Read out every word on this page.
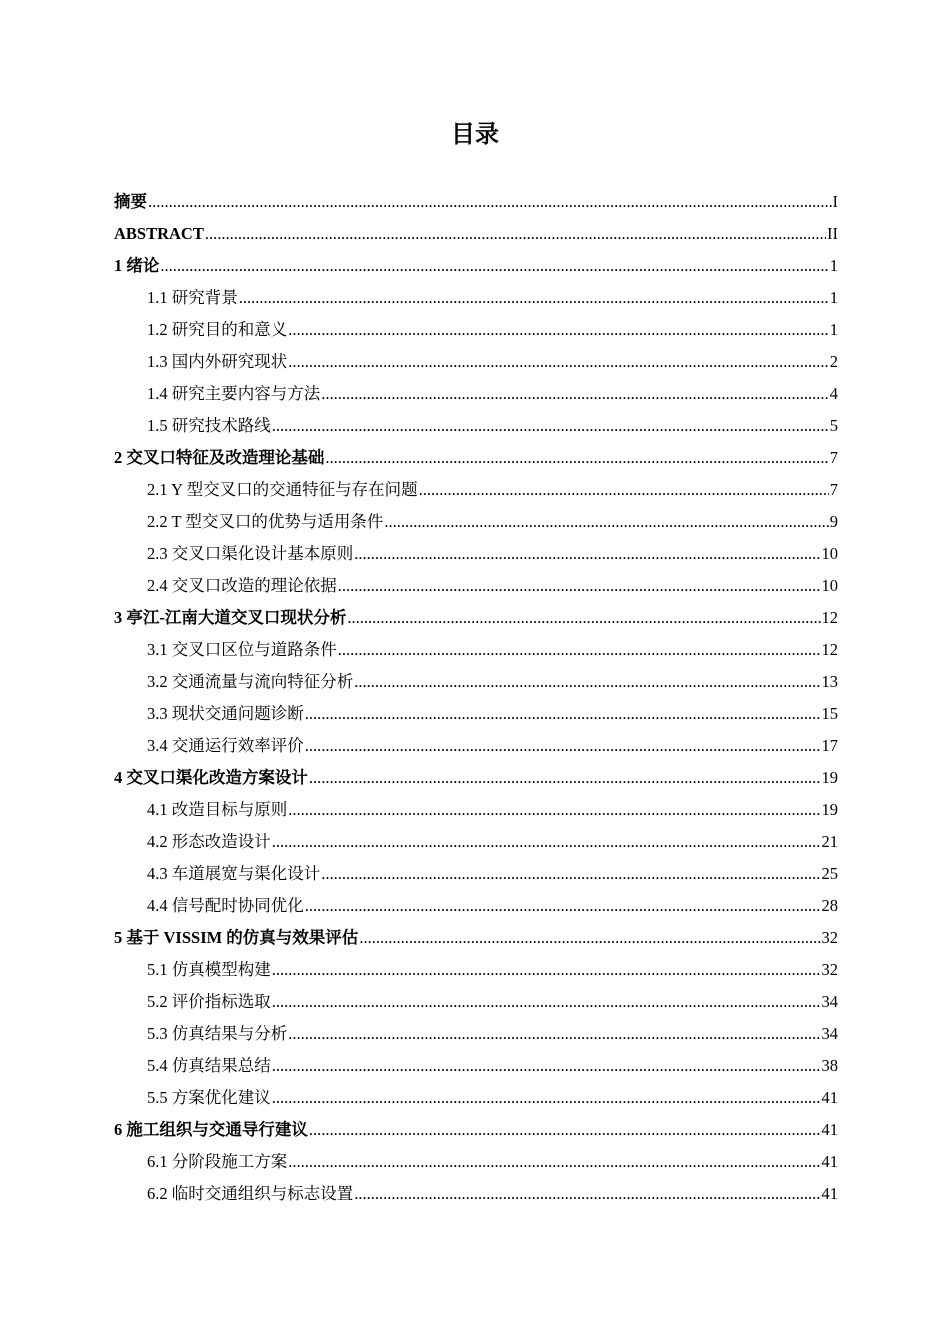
目录
摘要 .....	I
ABSTRACT .....	II
1 绪论 .....	1
1.1 研究背景 .....	1
1.2 研究目的和意义 .....	1
1.3 国内外研究现状 .....	2
1.4 研究主要内容与方法 .....	4
1.5 研究技术路线 .....	5
2 交叉口特征及改造理论基础 .....	7
2.1 Y 型交叉口的交通特征与存在问题 .....	7
2.2 T 型交叉口的优势与适用条件 .....	9
2.3 交叉口渠化设计基本原则 .....	10
2.4 交叉口改造的理论依据 .....	10
3 亭江-江南大道交叉口现状分析 .....	12
3.1 交叉口区位与道路条件 .....	12
3.2 交通流量与流向特征分析 .....	13
3.3 现状交通问题诊断 .....	15
3.4 交通运行效率评价 .....	17
4 交叉口渠化改造方案设计 .....	19
4.1 改造目标与原则 .....	19
4.2 形态改造设计 .....	21
4.3 车道展宽与渠化设计 .....	25
4.4 信号配时协同优化 .....	28
5 基于 VISSIM 的仿真与效果评估 .....	32
5.1 仿真模型构建 .....	32
5.2 评价指标选取 .....	34
5.3 仿真结果与分析 .....	34
5.4 仿真结果总结 .....	38
5.5 方案优化建议 .....	41
6 施工组织与交通导行建议 .....	41
6.1 分阶段施工方案 .....	41
6.2 临时交通组织与标志设置 .....	41
